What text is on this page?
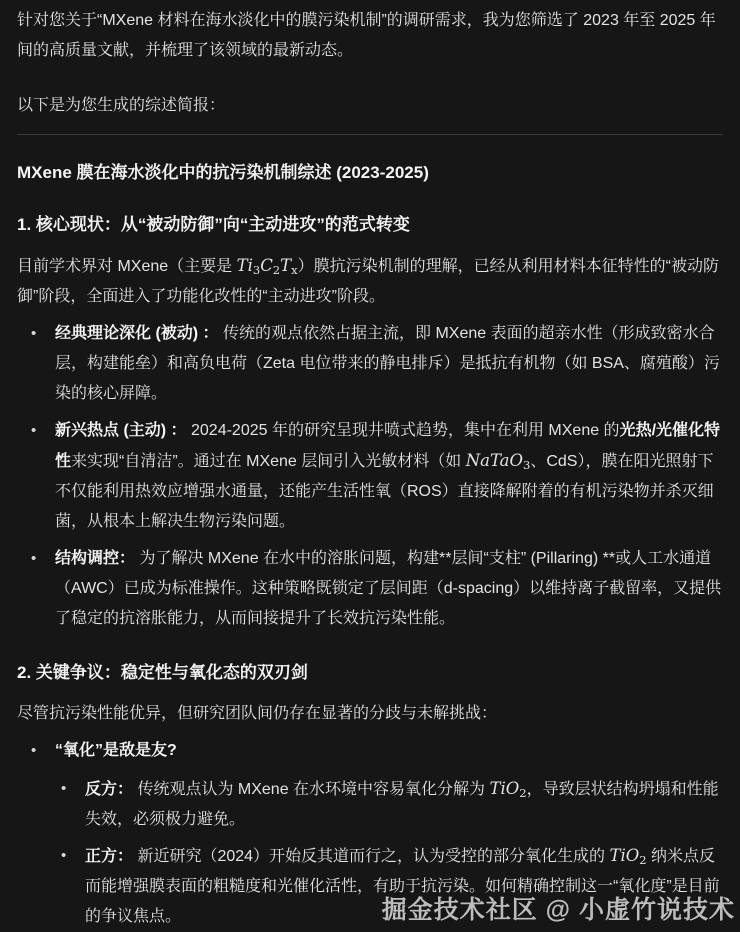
针对您关于“MXene 材料在海水淡化中的膜污染机制”的调研需求，我为您筛选了 2023 年至 2025 年间的高质量文献，并梳理了该领域的最新动态。

以下是为您生成的综述简报：

MXene 膜在海水淡化中的抗污染机制综述 (2023-2025)
1. 核心现状：从“被动防御”向“主动进攻”的范式转变

目前学术界对 MXene（主要是 $Ti_3C_2T_x$）膜抗污染机制的理解，已经从利用材料本征特性的“被动防御”阶段，全面进入了功能化改性的“主动进攻”阶段。

• 经典理论深化 (被动) ： 传统的观点依然占据主流，即 MXene 表面的超亲水性（形成致密水合层，构建能垒）和高负电荷（Zeta 电位带来的静电排斥）是抵抗有机物（如 BSA、腐殖酸）污染的核心屏障。
• 新兴热点 (主动) ： 2024-2025 年的研究呈现井喷式趋势，集中在利用 MXene 的光热/光催化特性来实现“自清洁”。通过在 MXene 层间引入光敏材料（如 NaTaO$_3$、CdS），膜在阳光照射下不仅能利用热效应增强水通量，还能产生活性氧（ROS）直接降解附着的有机污染物并杀灭细菌，从根本上解决生物污染问题。
• 结构调控： 为了解决 MXene 在水中的溶胀问题，构建**层间“支柱” (Pillaring) **或人工水通道（AWC）已成为标准操作。这种策略既锁定了层间距（d-spacing）以维持离子截留率，又提供了稳定的抗溶胀能力，从而间接提升了长效抗污染性能。
2. 关键争议：稳定性与氧化态的双刃剑

尽管抗污染性能优异，但研究团队间仍存在显著的分歧与未解挑战：

• “氧化”是敌是友?
• 反方： 传统观点认为 MXene 在水环境中容易氧化分解为 TiO$_2$，导致层状结构坍塌和性能失效，必须极力避免。
• 正方： 新近研究（2024）开始反其道而行之，认为受控的部分氧化生成的 TiO$_2$ 纳米点反而能增强膜表面的粗糙度和光催化活性，有助于抗污染。如何精确控制这一“氧化度”是目前的争议焦点。	掘金技术社区 @ 小虚竹说技术
